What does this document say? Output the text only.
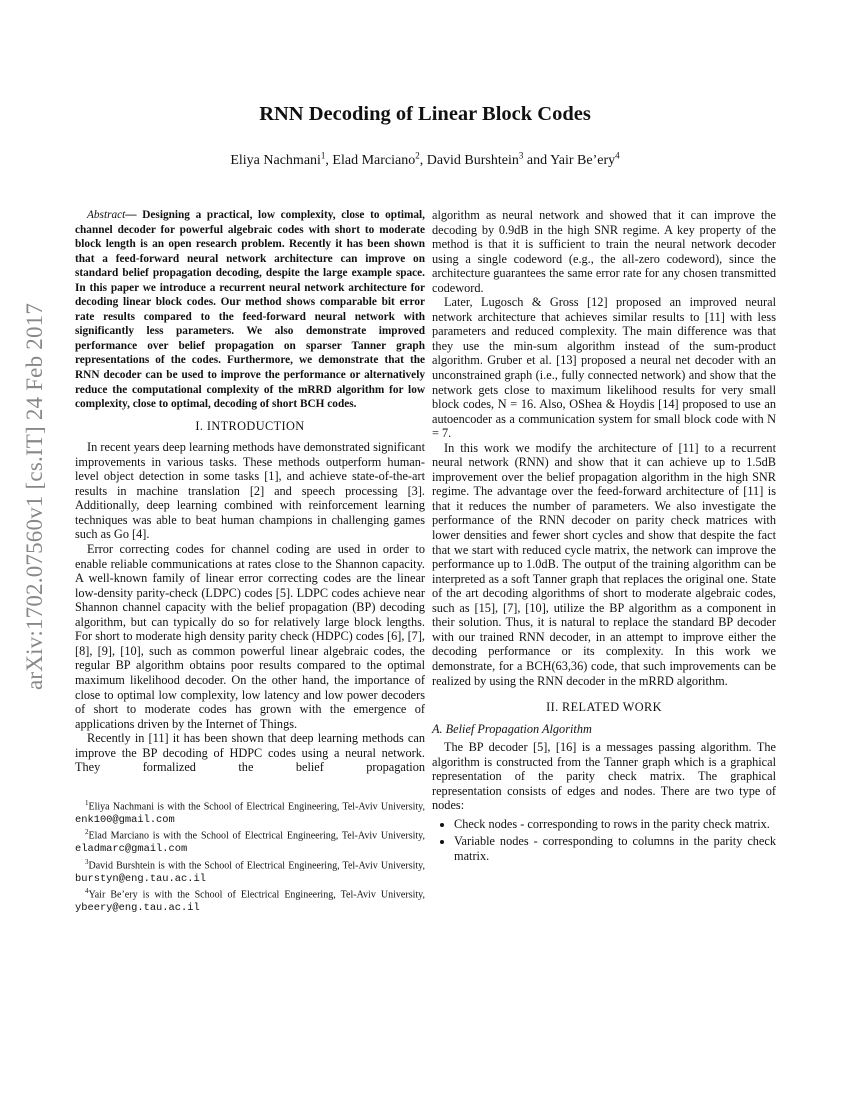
arXiv:1702.07560v1 [cs.IT] 24 Feb 2017
RNN Decoding of Linear Block Codes
Eliya Nachmani$^1$, Elad Marciano$^2$, David Burshtein$^3$ and Yair Be’ery$^4$

Abstract— Designing a practical, low complexity, close to optimal, channel decoder for powerful algebraic codes with short to moderate block length is an open research problem. Recently it has been shown that a feed-forward neural network architecture can improve on standard belief propagation decoding, despite the large example space. In this paper we introduce a recurrent neural network architecture for decoding linear block codes. Our method shows comparable bit error rate results compared to the feed-forward neural network with significantly less parameters. We also demonstrate improved performance over belief propagation on sparser Tanner graph representations of the codes. Furthermore, we demonstrate that the RNN decoder can be used to improve the performance or alternatively reduce the computational complexity of the mRRD algorithm for low complexity, close to optimal, decoding of short BCH codes.

I. INTRODUCTION

In recent years deep learning methods have demonstrated significant improvements in various tasks. These methods outperform human-level object detection in some tasks [1], and achieve state-of-the-art results in machine translation [2] and speech processing [3]. Additionally, deep learning combined with reinforcement learning techniques was able to beat human champions in challenging games such as Go [4].

Error correcting codes for channel coding are used in order to enable reliable communications at rates close to the Shannon capacity. A well-known family of linear error correcting codes are the linear low-density parity-check (LDPC) codes [5]. LDPC codes achieve near Shannon channel capacity with the belief propagation (BP) decoding algorithm, but can typically do so for relatively large block lengths. For short to moderate high density parity check (HDPC) codes [6], [7], [8], [9], [10], such as common powerful linear algebraic codes, the regular BP algorithm obtains poor results compared to the optimal maximum likelihood decoder. On the other hand, the importance of close to optimal low complexity, low latency and low power decoders of short to moderate codes has grown with the emergence of applications driven by the Internet of Things.

Recently in [11] it has been shown that deep learning methods can improve the BP decoding of HDPC codes using a neural network. They formalized the belief propagation

$^1$Eliya Nachmani is with the School of Electrical Engineering, Tel-Aviv University, enk100@gmail.com

$^2$Elad Marciano is with the School of Electrical Engineering, Tel-Aviv University, eladmarc@gmail.com

$^3$David Burshtein is with the School of Electrical Engineering, Tel-Aviv University, burstyn@eng.tau.ac.il

$^4$Yair Be’ery is with the School of Electrical Engineering, Tel-Aviv University, ybeery@eng.tau.ac.il

algorithm as neural network and showed that it can improve the decoding by 0.9dB in the high SNR regime. A key property of the method is that it is sufficient to train the neural network decoder using a single codeword (e.g., the all-zero codeword), since the architecture guarantees the same error rate for any chosen transmitted codeword.

Later, Lugosch & Gross [12] proposed an improved neural network architecture that achieves similar results to [11] with less parameters and reduced complexity. The main difference was that they use the min-sum algorithm instead of the sum-product algorithm. Gruber et al. [13] proposed a neural net decoder with an unconstrained graph (i.e., fully connected network) and show that the network gets close to maximum likelihood results for very small block codes, N = 16. Also, OShea & Hoydis [14] proposed to use an autoencoder as a communication system for small block code with N = 7.

In this work we modify the architecture of [11] to a recurrent neural network (RNN) and show that it can achieve up to 1.5dB improvement over the belief propagation algorithm in the high SNR regime. The advantage over the feed-forward architecture of [11] is that it reduces the number of parameters. We also investigate the performance of the RNN decoder on parity check matrices with lower densities and fewer short cycles and show that despite the fact that we start with reduced cycle matrix, the network can improve the performance up to 1.0dB. The output of the training algorithm can be interpreted as a soft Tanner graph that replaces the original one. State of the art decoding algorithms of short to moderate algebraic codes, such as [15], [7], [10], utilize the BP algorithm as a component in their solution. Thus, it is natural to replace the standard BP decoder with our trained RNN decoder, in an attempt to improve either the decoding performance or its complexity. In this work we demonstrate, for a BCH(63,36) code, that such improvements can be realized by using the RNN decoder in the mRRD algorithm.

II. RELATED WORK
A. Belief Propagation Algorithm

The BP decoder [5], [16] is a messages passing algorithm. The algorithm is constructed from the Tanner graph which is a graphical representation of the parity check matrix. The graphical representation consists of edges and nodes. There are two type of nodes:

• Check nodes - corresponding to rows in the parity check matrix.
• Variable nodes - corresponding to columns in the parity check matrix.
